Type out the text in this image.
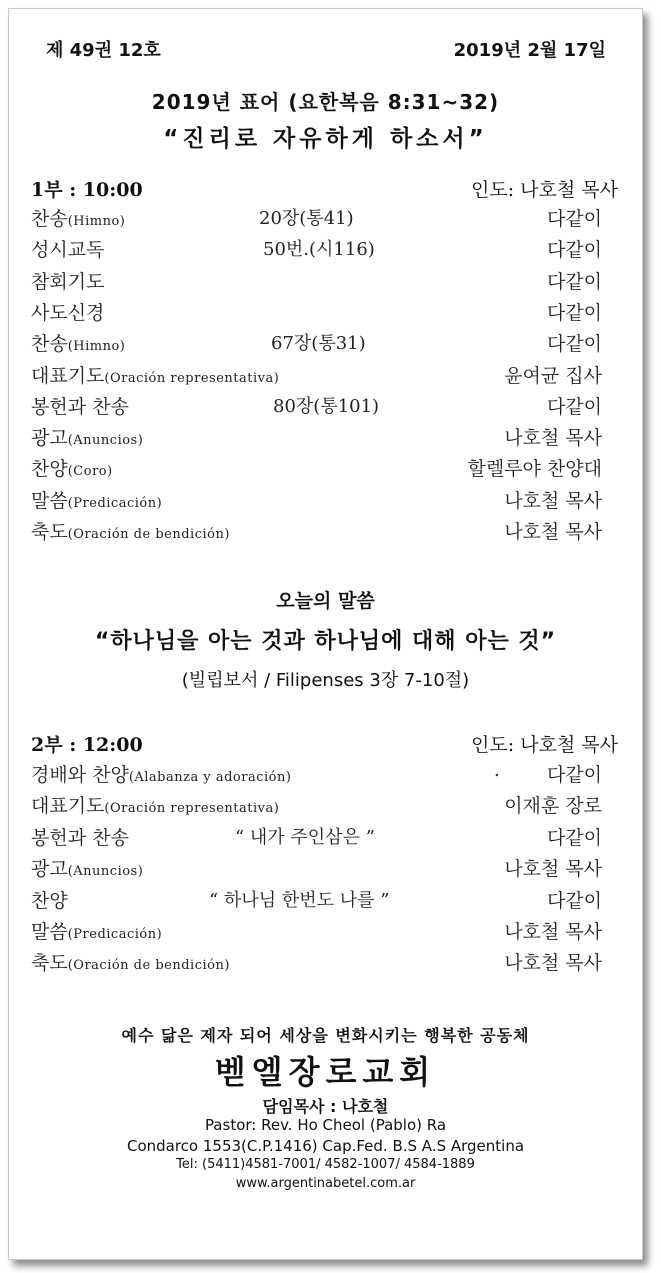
제 49권 12호	2019년 2월 17일
2019년 표어 (요한복음 8:31~32)
“진리로 자유하게 하소서”
1부 : 10:00	인도: 나호철 목사
찬송(Himno)	20장(통41)	다같이
성시교독	50번.(시116)	다같이
참회기도	다같이
사도신경	다같이
찬송(Himno)	67장(통31)	다같이
대표기도(Oración representativa)	윤여균 집사
봉헌과 찬송	80장(통101)	다같이
광고(Anuncios)	나호철 목사
찬양(Coro)	할렐루야 찬양대
말씀(Predicación)	나호철 목사
축도(Oración de bendición)	나호철 목사
오늘의 말씀
“하나님을 아는 것과 하나님에 대해 아는 것”
(빌립보서 / Filipenses 3장 7-10절)
2부 : 12:00	인도: 나호철 목사
경배와 찬양(Alabanza y adoración)	. 다같이
대표기도(Oración representativa)	이재훈 장로
봉헌과 찬송	“ 내가 주인삼은 ”	다같이
광고(Anuncios)	나호철 목사
찬양	“ 하나님 한번도 나를 ”	다같이
말씀(Predicación)	나호철 목사
축도(Oración de bendición)	나호철 목사
예수 닮은 제자 되어 세상을 변화시키는 행복한 공동체
벧엘장로교회
담임목사 : 나호철
Pastor: Rev. Ho Cheol (Pablo) Ra
Condarco 1553(C.P.1416) Cap.Fed. B.S A.S Argentina
Tel: (5411)4581-7001/ 4582-1007/ 4584-1889
www.argentinabetel.com.ar
